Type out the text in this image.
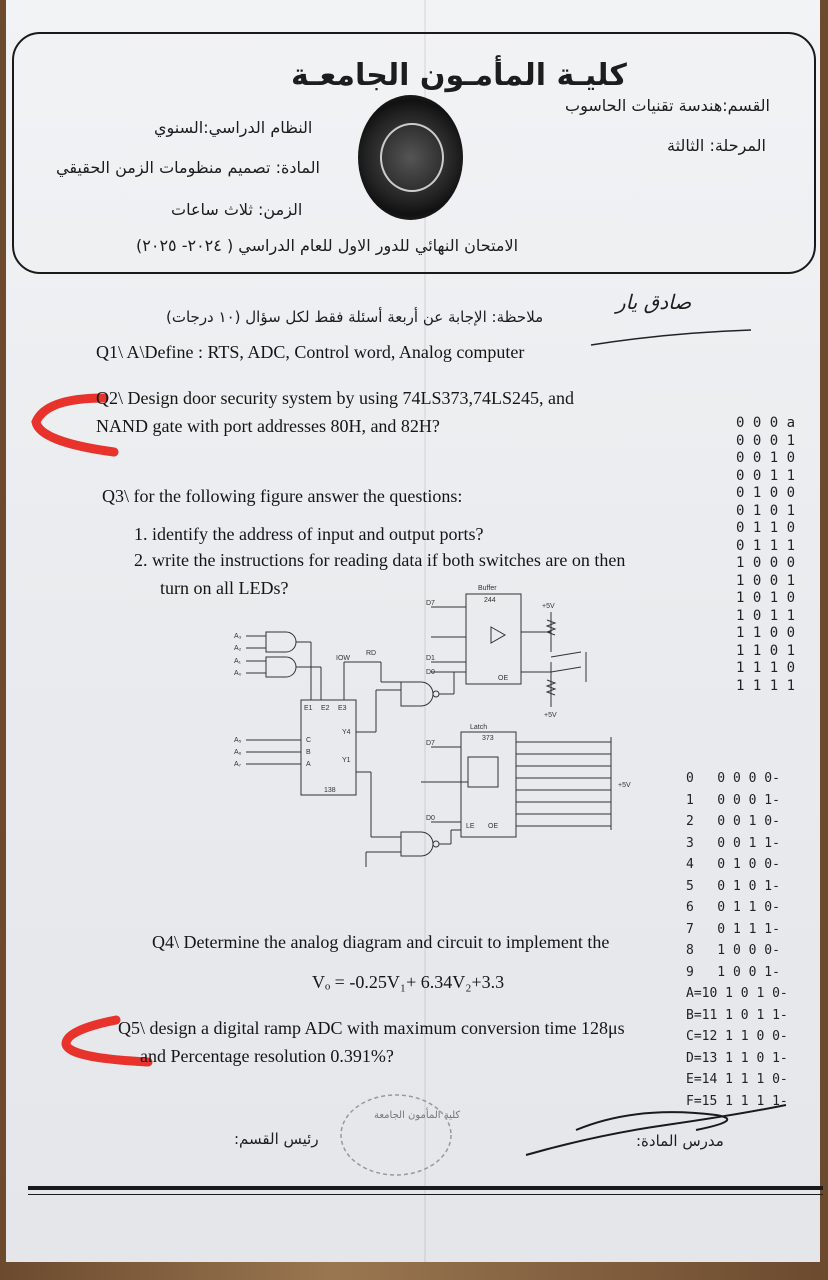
كليـة المأمـون الجامعـة
القسم:هندسة تقنيات الحاسوب
المرحلة: الثالثة
النظام الدراسي:السنوي
المادة: تصميم منظومات الزمن الحقيقي
الزمن: ثلاث ساعات
الامتحان النهائي للدور الاول للعام الدراسي ( ٢٠٢٤- ٢٠٢٥)
ملاحظة: الإجابة عن أربعة أسئلة فقط لكل سؤال (١٠ درجات)
صادق يار
Q1\ A\Define : RTS, ADC, Control word, Analog computer
Q2\ Design door security system by using 74LS373,74LS245, and
NAND gate with port addresses 80H, and 82H?
Q3\ for the following figure answer the questions:
1. identify the address of input and output ports?
2. write the instructions for reading data if both switches are on then
turn on all LEDs?	Buffer
244
Latch
373
138
IOW
RD
+5V
+5V
+5V
OE
OE
LE
D7
D1
D0
D7
D0
C
B
A
A₅
A₆
A₇
A₃
A₂
A₁
A₀
E1 E2 E3
Y4
Y1
Q4\ Determine the analog diagram and circuit to implement the
Vₒ = -0.25V₁+ 6.34V₂+3.3
Q5\ design a digital ramp ADC with maximum conversion time 128μs
and Percentage resolution 0.391%?
0 0 0 a
0 0 0 1
0 0 1 0
0 0 1 1
0 1 0 0
0 1 0 1
0 1 1 0
0 1 1 1
1 0 0 0
1 0 0 1
1 0 1 0
1 0 1 1
1 1 0 0
1 1 0 1
1 1 1 0
1 1 1 1
0   0 0 0 0-
1   0 0 0 1-
2   0 0 1 0-
3   0 0 1 1-
4   0 1 0 0-
5   0 1 0 1-
6   0 1 1 0-
7   0 1 1 1-
8   1 0 0 0-
9   1 0 0 1-
A=10 1 0 1 0-
B=11 1 0 1 1-
C=12 1 1 0 0-
D=13 1 1 0 1-
E=14 1 1 1 0-
F=15 1 1 1 1-
رئيس القسم:	مدرس المادة:
كلية المأمون الجامعة
